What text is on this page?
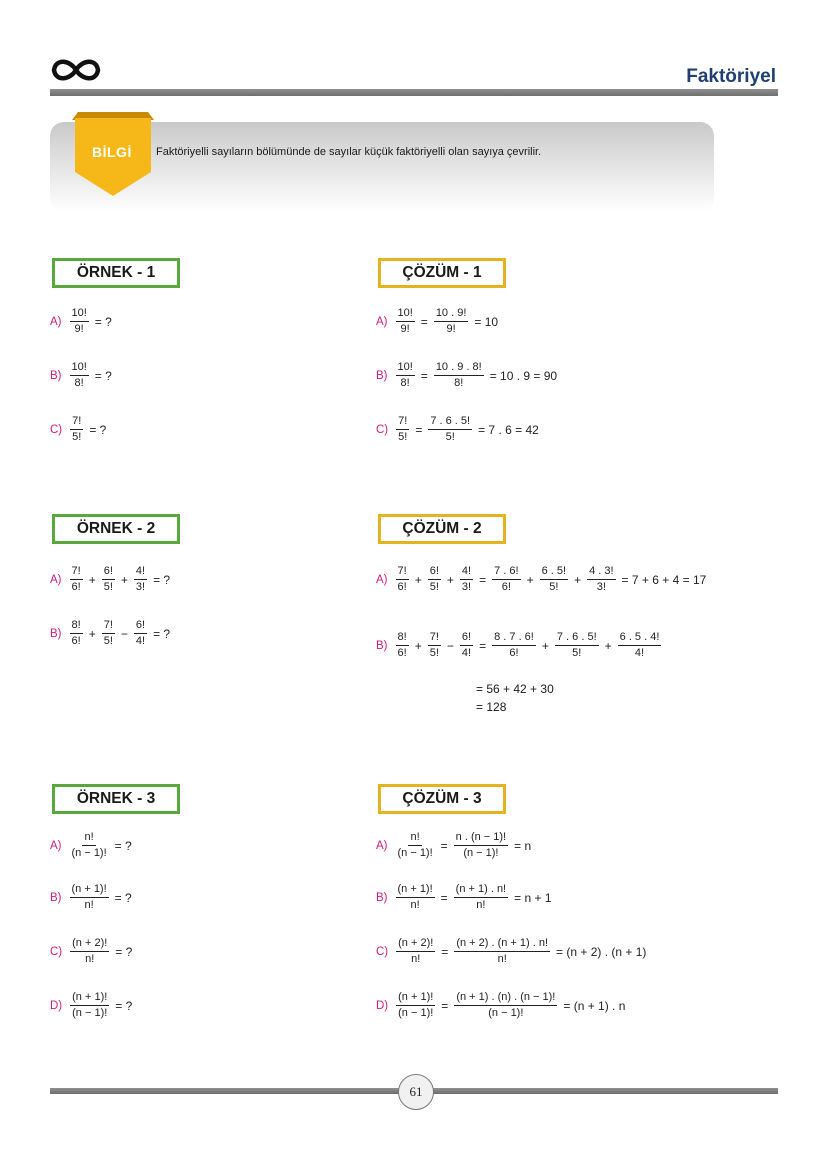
Faktöriyel
BİLGİ Faktöriyelli sayıların bölümünde de sayılar küçük faktöriyelli olan sayıya çevrilir.
ÖRNEK - 1	ÇÖZÜM - 1
ÖRNEK - 2	ÇÖZÜM - 2
ÖRNEK - 3	ÇÖZÜM - 3
$A) \frac{10!}{9!}$ = ?
$B) \frac{10!}{8!}$ = ?
$C) \frac{7!}{5!}$ = ?
$A) \frac{10!}{9!} = \frac{10 . 9!}{9!} = 10$
$B) \frac{10!}{8!} = \frac{10 . 9 . 8!}{8!} = 10$ . 9 = 90
$C) \frac{7!}{5!} = \frac{7 . 6 . 5!}{5!} = 7$ . 6 = 42
$A) \frac{7!}{6!} + \frac{6!}{5!} + \frac{4!}{3!}$ = ?
$B) \frac{8!}{6!} + \frac{7!}{5!} - \frac{6!}{4!}$ = ?
$A) \frac{7!}{6!} + \frac{6!}{5!} + \frac{4!}{3!} = \frac{7 . 6!}{6!} + \frac{6 . 5!}{5!} + \frac{4 . 3!}{3!} = 7 + 6 + 4 = 17$
$B) \frac{8!}{6!} + \frac{7!}{5!} - \frac{6!}{4!} = \frac{8 . 7 . 6!}{6!} + \frac{7 . 6 . 5!}{5!} + \frac{6 . 5 . 4!}{4!}$
= 56 + 42 + 30
= 128
$A) \frac{n!}{(n - 1)!}$ = ?
$B) \frac{(n + 1)!}{n!}$ = ?
$C) \frac{(n + 2)!}{n!}$ = ?
$D) \frac{(n + 1)!}{(n - 1)!}$ = ?
$A) \frac{n!}{(n - 1)!} = \frac{n . (n - 1)!}{(n - 1)!} = n$
$B) \frac{(n + 1)!}{n!} = \frac{(n + 1) . n!}{n!} = n + 1$
$C) \frac{(n + 2)!}{n!} = \frac{(n + 2) . (n + 1) . n!}{n!} = (n + 2)$ . (n + 1)
$D) \frac{(n + 1)!}{(n - 1)!} = \frac{(n + 1) . (n) . (n - 1)!}{(n - 1)!} = (n + 1)$ . n
61
